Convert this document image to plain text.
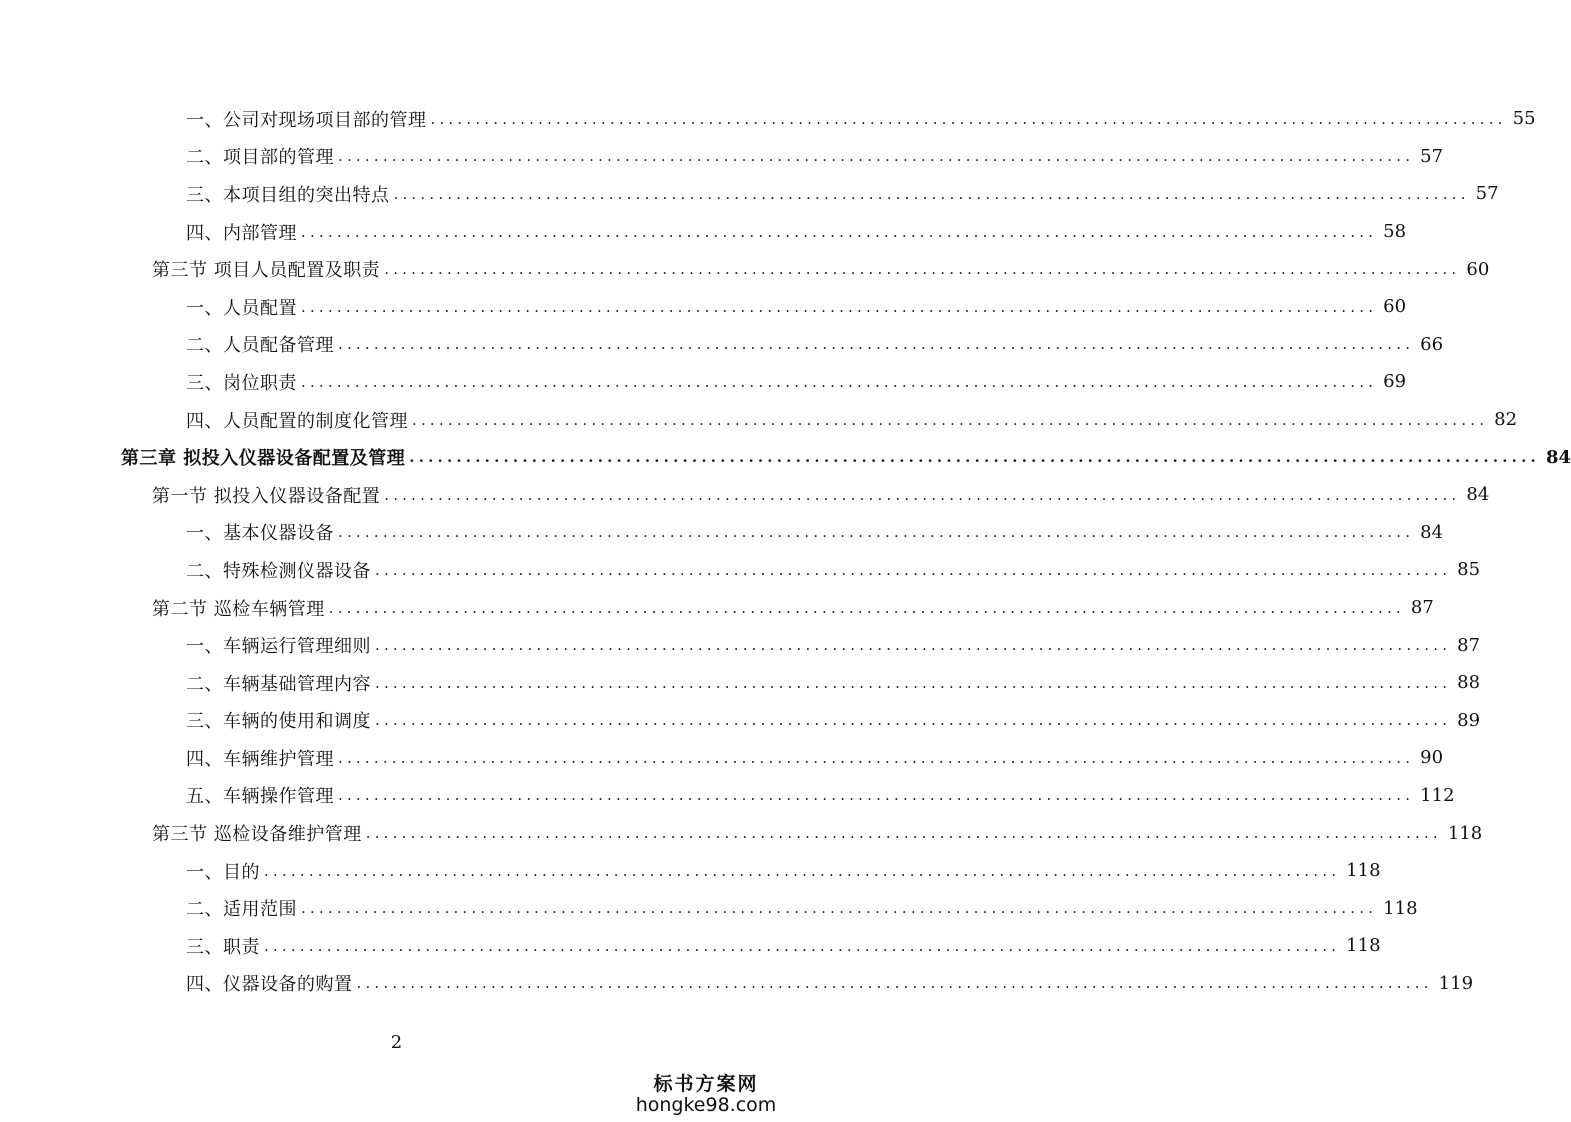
一、公司对现场项目部的管理 ........................................................................................................................ 55
二、项目部的管理 ........................................................................................................................ 57
三、本项目组的突出特点 ........................................................................................................................ 57
四、内部管理 ........................................................................................................................ 58
第三节 项目人员配置及职责 ........................................................................................................................ 60
一、人员配置 ........................................................................................................................ 60
二、人员配备管理 ........................................................................................................................ 66
三、岗位职责 ........................................................................................................................ 69
四、人员配置的制度化管理 ........................................................................................................................ 82
第三章 拟投入仪器设备配置及管理 ........................................................................................................................ 84
第一节 拟投入仪器设备配置 ........................................................................................................................ 84
一、基本仪器设备 ........................................................................................................................ 84
二、特殊检测仪器设备 ........................................................................................................................ 85
第二节 巡检车辆管理 ........................................................................................................................ 87
一、车辆运行管理细则 ........................................................................................................................ 87
二、车辆基础管理内容 ........................................................................................................................ 88
三、车辆的使用和调度 ........................................................................................................................ 89
四、车辆维护管理 ........................................................................................................................ 90
五、车辆操作管理 ........................................................................................................................ 112
第三节 巡检设备维护管理 ........................................................................................................................ 118
一、目的 ........................................................................................................................ 118
二、适用范围 ........................................................................................................................ 118
三、职责 ........................................................................................................................ 118
四、仪器设备的购置 ........................................................................................................................ 119
2
标书方案网
hongke98.com
